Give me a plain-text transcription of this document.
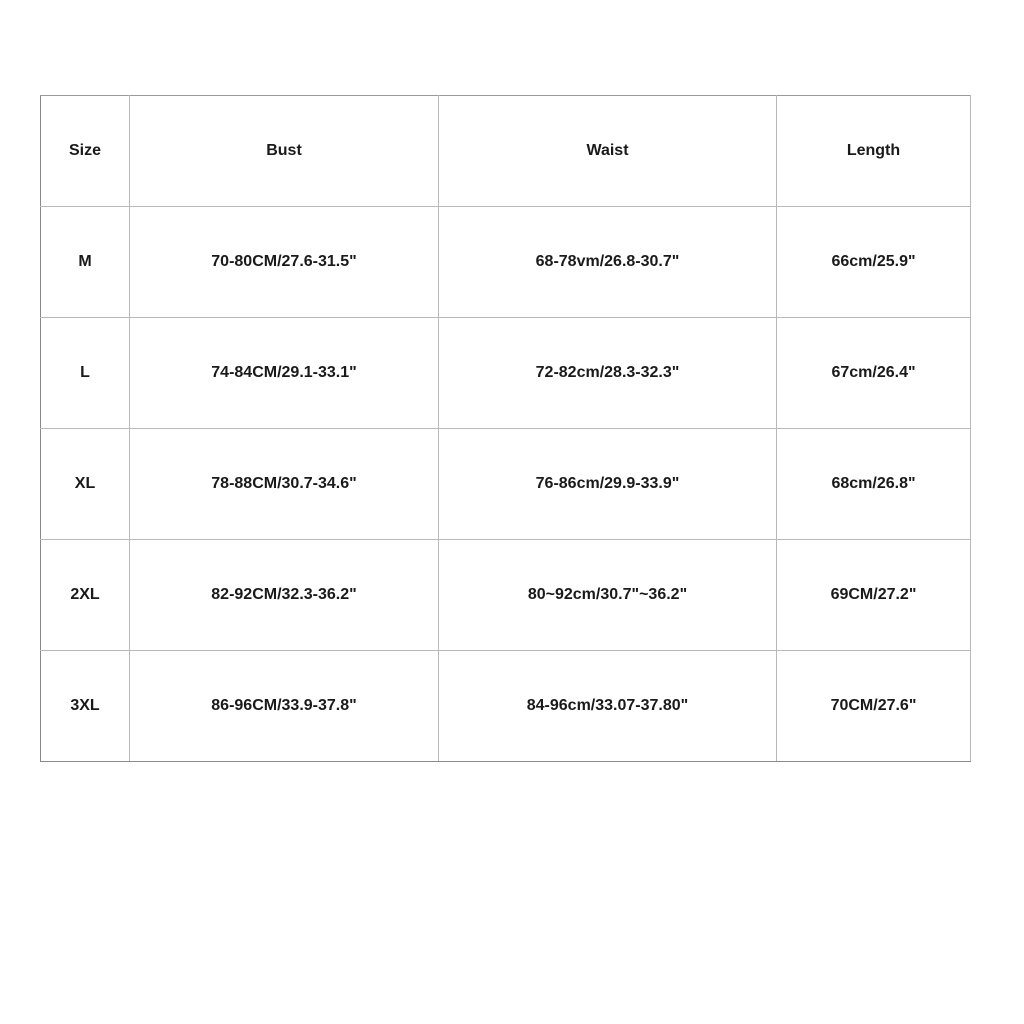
Size	Bust	Waist	Length
M	70-80CM/27.6-31.5"	68-78vm/26.8-30.7"	66cm/25.9"
L	74-84CM/29.1-33.1"	72-82cm/28.3-32.3"	67cm/26.4"
XL	78-88CM/30.7-34.6"	76-86cm/29.9-33.9"	68cm/26.8"
2XL	82-92CM/32.3-36.2"	80~92cm/30.7"~36.2"	69CM/27.2"
3XL	86-96CM/33.9-37.8"	84-96cm/33.07-37.80"	70CM/27.6"
